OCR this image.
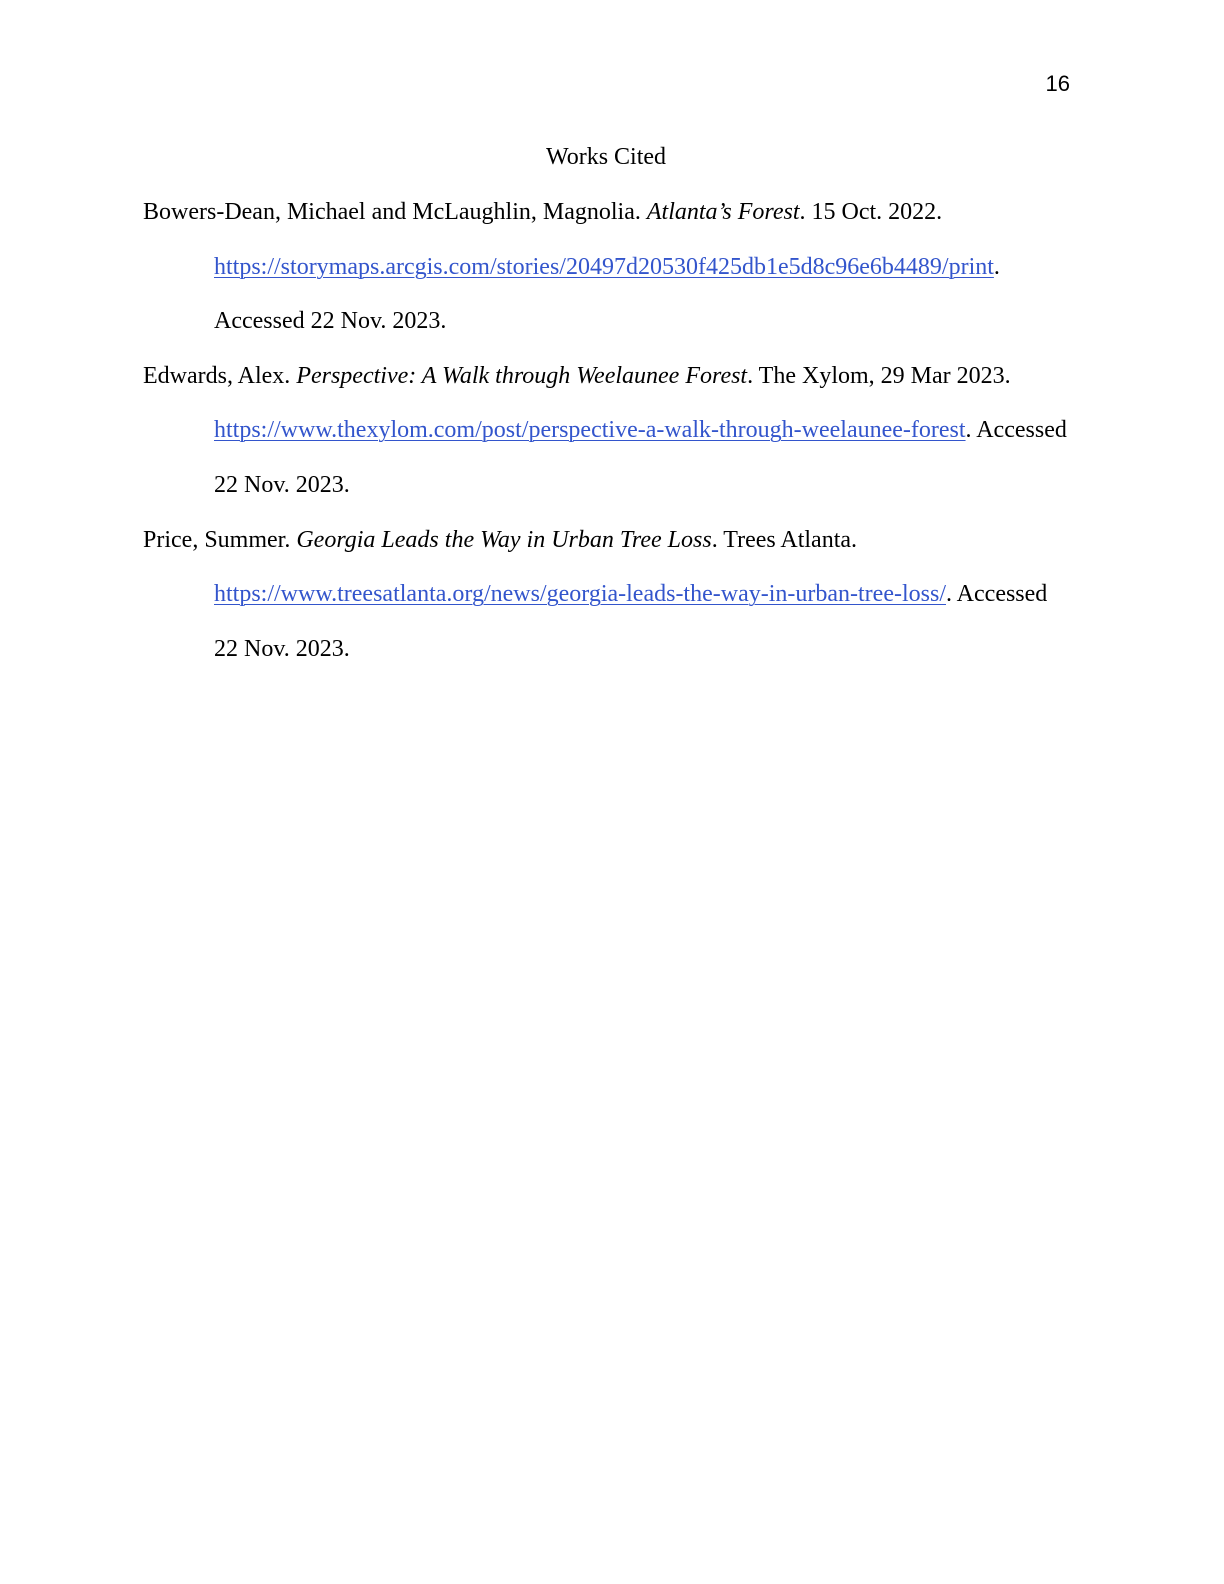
16
Works Cited
Bowers-Dean, Michael and McLaughlin, Magnolia. Atlanta’s Forest. 15 Oct. 2022.
https://storymaps.arcgis.com/stories/20497d20530f425db1e5d8c96e6b4489/print.
Accessed 22 Nov. 2023.
Edwards, Alex. Perspective: A Walk through Weelaunee Forest. The Xylom, 29 Mar 2023.
https://www.thexylom.com/post/perspective-a-walk-through-weelaunee-forest. Accessed
22 Nov. 2023.
Price, Summer. Georgia Leads the Way in Urban Tree Loss. Trees Atlanta.
https://www.treesatlanta.org/news/georgia-leads-the-way-in-urban-tree-loss/. Accessed
22 Nov. 2023.
